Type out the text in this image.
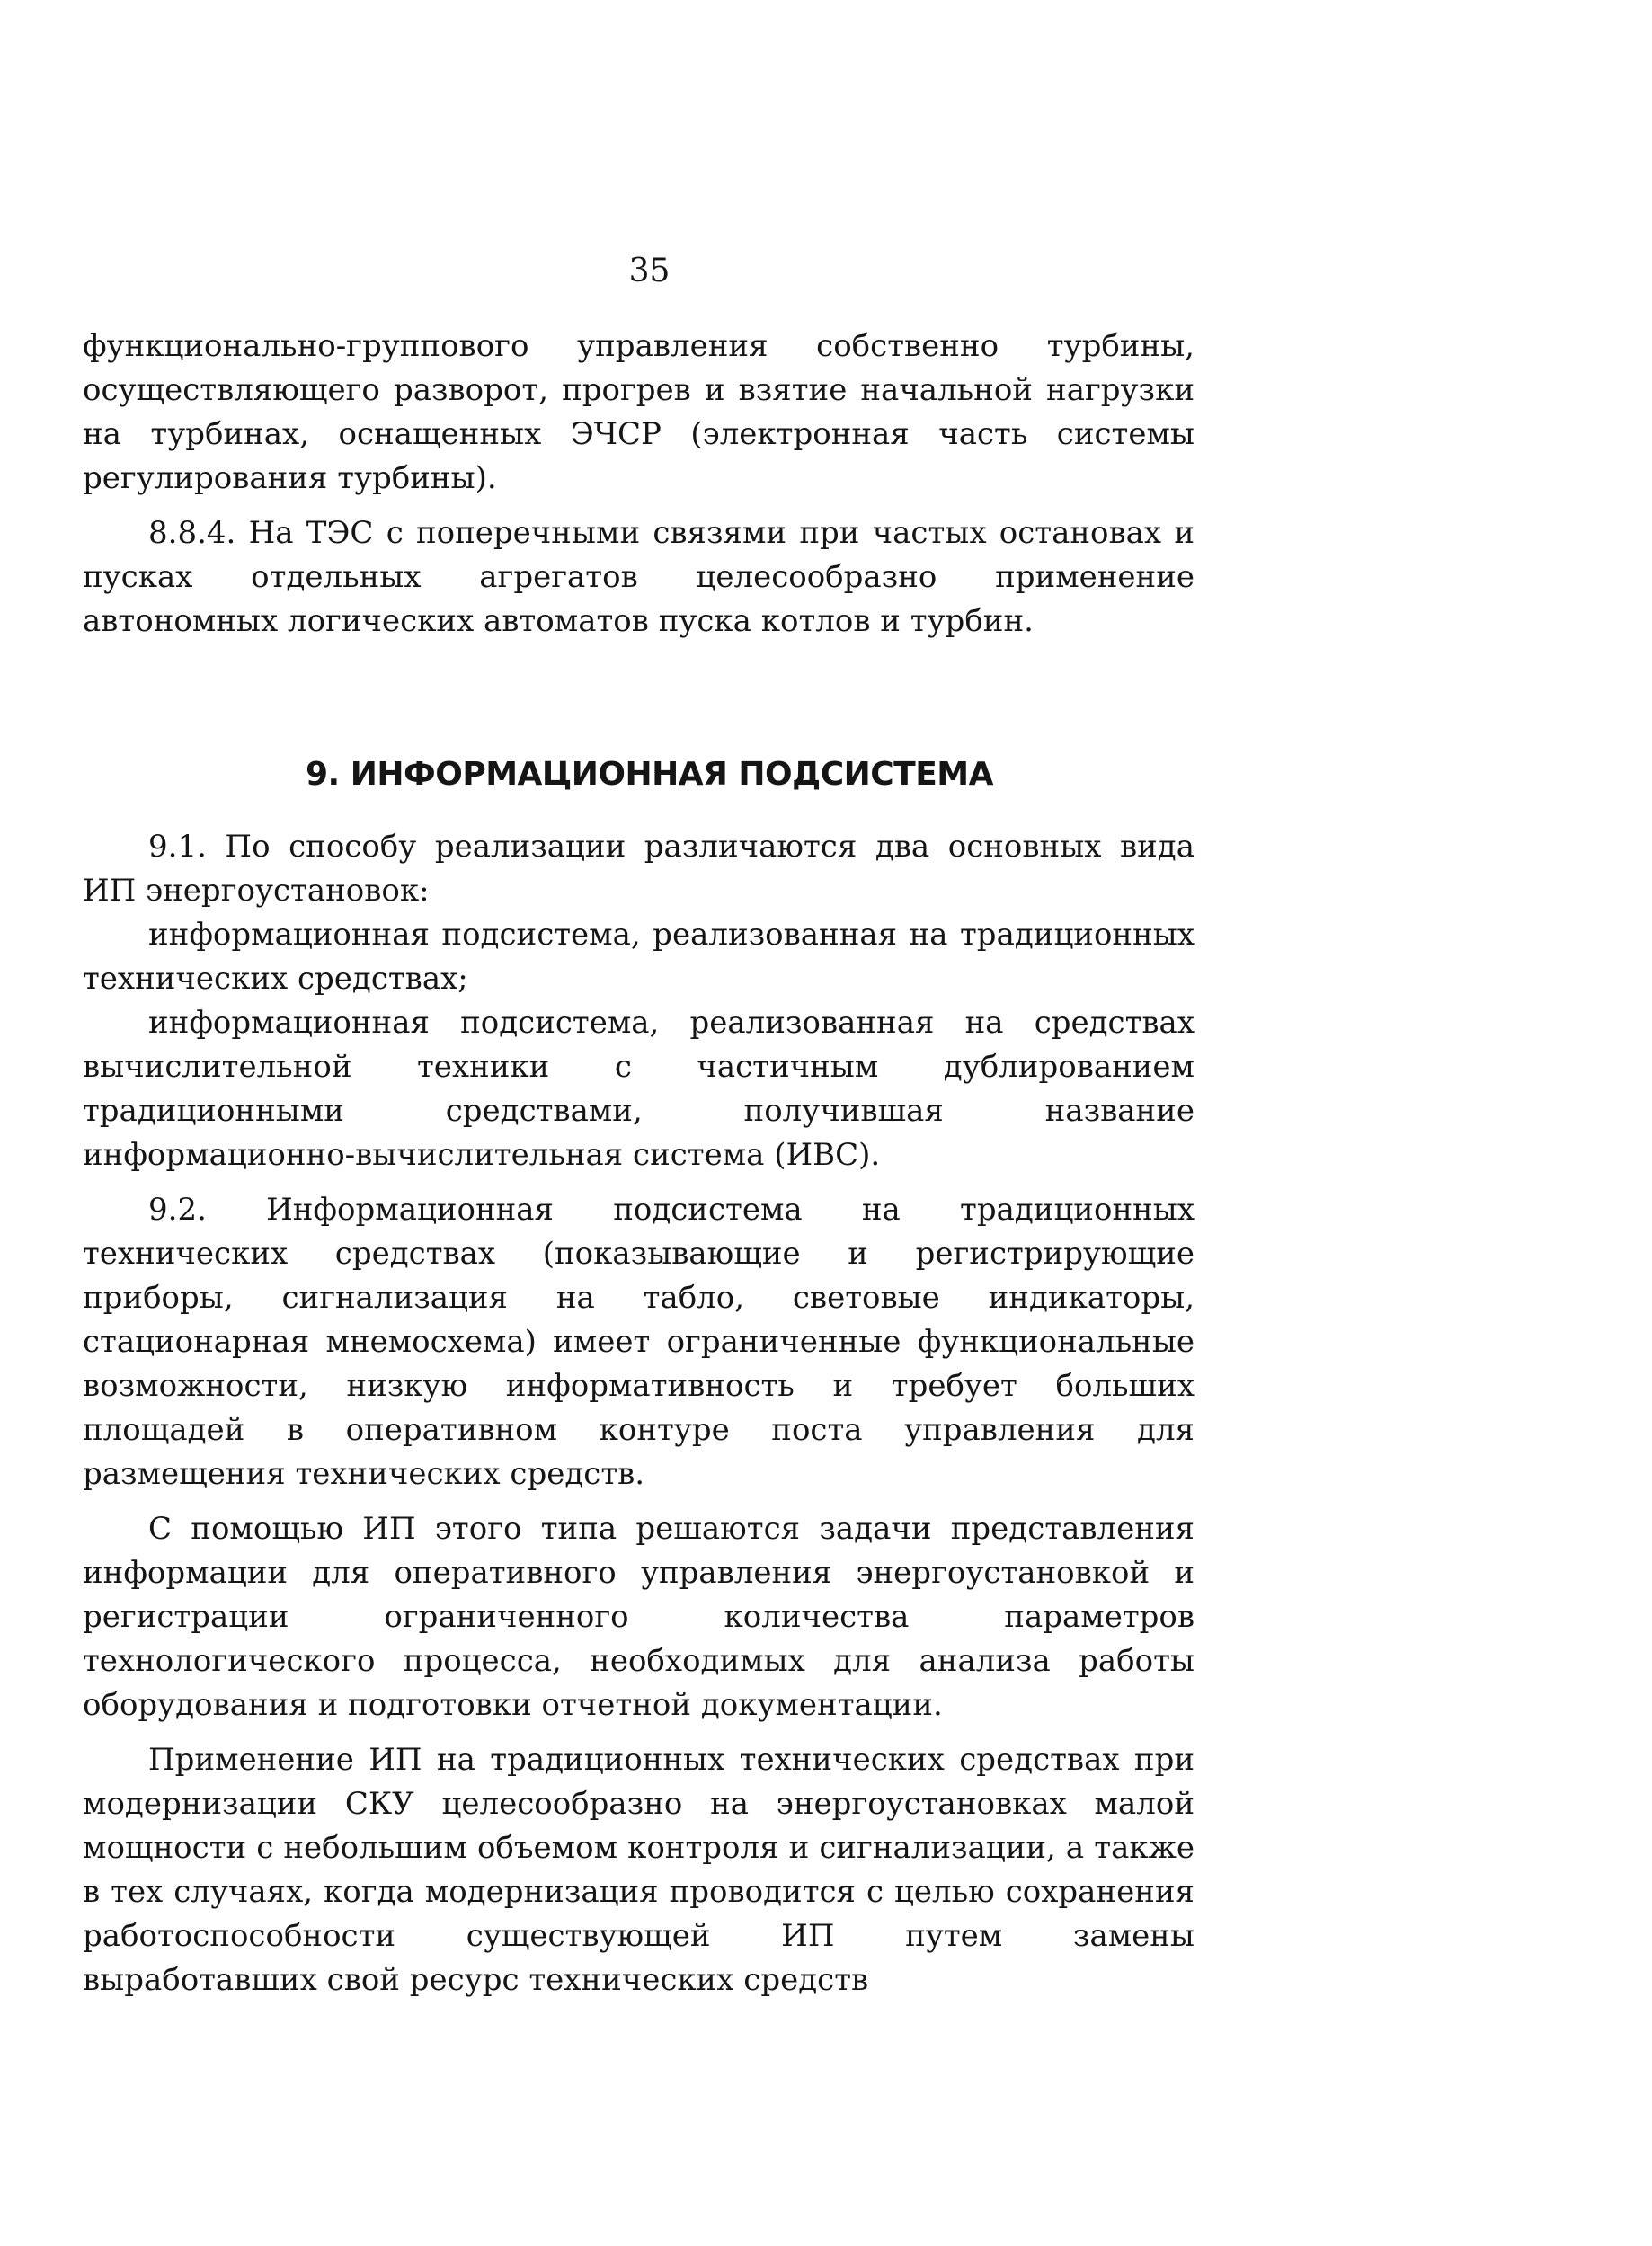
35

функционально-группового управления собственно турбины, осуществляющего разворот, прогрев и взятие начальной нагрузки на турбинах, оснащенных ЭЧСР (электронная часть системы регулирования турбины).

8.8.4. На ТЭС с поперечными связями при частых остановах и пусках отдельных агрегатов целесообразно применение автономных логических автоматов пуска котлов и турбин.

9. ИНФОРМАЦИОННАЯ ПОДСИСТЕМА

9.1. По способу реализации различаются два основных вида ИП энергоустановок:

информационная подсистема, реализованная на традиционных технических средствах;

информационная подсистема, реализованная на средствах вычислительной техники с частичным дублированием традиционными средствами, получившая название информационно-вычислительная система (ИВС).

9.2. Информационная подсистема на традиционных технических средствах (показывающие и регистрирующие приборы, сигнализация на табло, световые индикаторы, стационарная мнемосхема) имеет ограниченные функциональные возможности, низкую информативность и требует больших площадей в оперативном контуре поста управления для размещения технических средств.

С помощью ИП этого типа решаются задачи представления информации для оперативного управления энергоустановкой и регистрации ограниченного количества параметров технологического процесса, необходимых для анализа работы оборудования и подготовки отчетной документации.

Применение ИП на традиционных технических средствах при модернизации СКУ целесообразно на энергоустановках малой мощности с небольшим объемом контроля и сигнализации, а также в тех случаях, когда модернизация проводится с целью сохранения работоспособности существующей ИП путем замены выработавших свой ресурс технических средств
